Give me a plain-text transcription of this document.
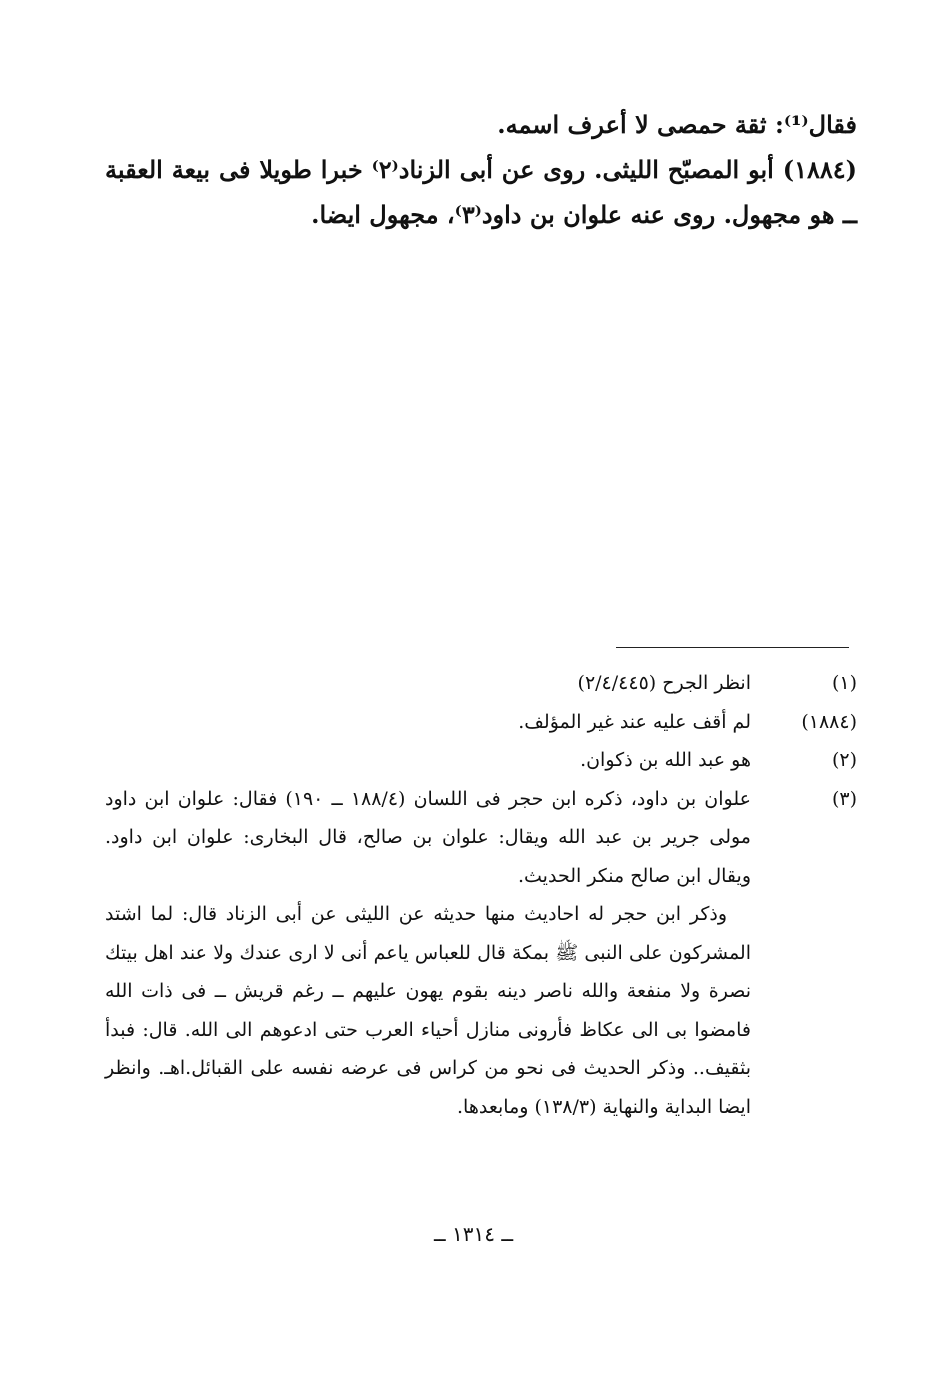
فقال⁽¹⁾: ثقة حمصى لا أعرف اسمه.

(١٨٨٤) أبو المصبّح الليثى. روى عن أبى الزناد⁽٢⁾ خبرا طويلا فى بيعة العقبة ــ هو مجهول. روى عنه علوان بن داود⁽٣⁾، مجهول ايضا.

(١)
انظر الجرح (٢/٤/٤٤٥)
(١٨٨٤)
لم أقف عليه عند غير المؤلف.
(٢)
هو عبد الله بن ذكوان.
(٣)

علوان بن داود، ذكره ابن حجر فى اللسان (١٨٨/٤ ــ ١٩٠) فقال: علوان ابن داود مولى جرير بن عبد الله ويقال: علوان بن صالح، قال البخارى: علوان ابن داود. ويقال ابن صالح منكر الحديث.

وذكر ابن حجر له احاديث منها حديثه عن الليثى عن أبى الزناد قال: لما اشتد المشركون على النبى ﷺ بمكة قال للعباس ياعم أنى لا ارى عندك ولا عند اهل بيتك نصرة ولا منفعة والله ناصر دينه بقوم يهون عليهم ــ رغم قريش ــ فى ذات الله فامضوا بى الى عكاظ فأرونى منازل أحياء العرب حتى ادعوهم الى الله. قال: فبدأ بثقيف.. وذكر الحديث فى نحو من كراس فى عرضه نفسه على القبائل.اهـ. وانظر ايضا البداية والنهاية (١٣٨/٣) ومابعدها.

ــ ١٣١٤ ــ
